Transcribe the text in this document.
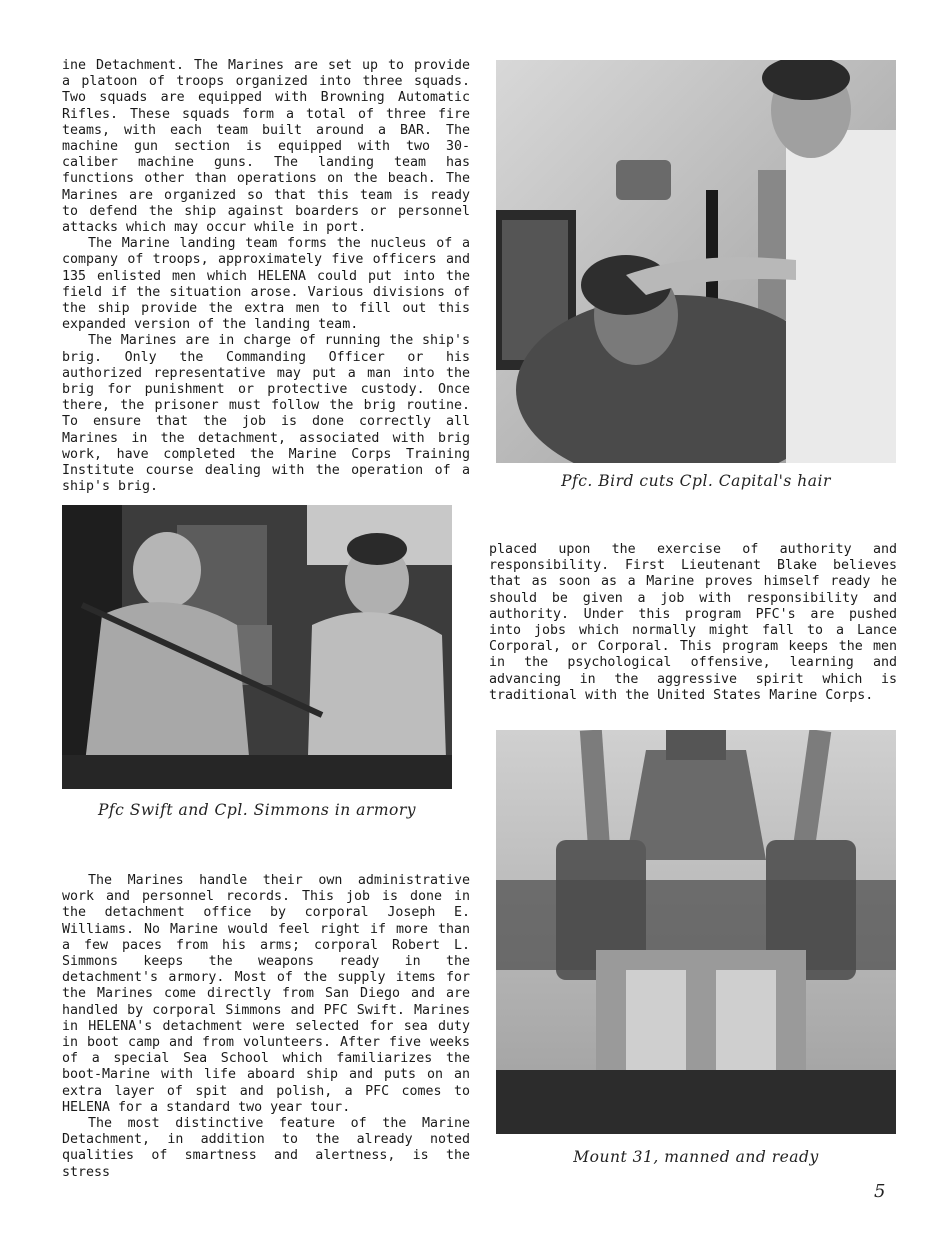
ine Detachment. The Marines are set up to provide a platoon of troops organized into three squads. Two squads are equipped with Browning Automatic Rifles. These squads form a total of three fire teams, with each team built around a BAR. The machine gun section is equipped with two 30-caliber machine guns. The landing team has functions other than operations on the beach. The Marines are organized so that this team is ready to defend the ship against boarders or personnel attacks which may occur while in port.

The Marine landing team forms the nucleus of a company of troops, approximately five officers and 135 enlisted men which HELENA could put into the field if the situation arose. Various divisions of the ship provide the extra men to fill out this expanded version of the landing team.

The Marines are in charge of running the ship's brig. Only the Commanding Officer or his authorized representative may put a man into the brig for punishment or protective custody. Once there, the prisoner must follow the brig routine. To ensure that the job is done correctly all Marines in the detachment, associated with brig work, have completed the Marine Corps Training Institute course dealing with the operation of a ship's brig.	Pfc. Bird cuts Cpl. Capital's hair

Pfc Swift and Cpl. Simmons in armory

placed upon the exercise of authority and responsibility. First Lieutenant Blake believes that as soon as a Marine proves himself ready he should be given a job with responsibility and authority. Under this program PFC's are pushed into jobs which normally might fall to a Lance Corporal, or Corporal. This program keeps the men in the psychological offensive, learning and advancing in the aggressive spirit which is traditional with the United States Marine Corps.

The Marines handle their own administrative work and personnel records. This job is done in the detachment office by corporal Joseph E. Williams. No Marine would feel right if more than a few paces from his arms; corporal Robert L. Simmons keeps the weapons ready in the detachment's armory. Most of the supply items for the Marines come directly from San Diego and are handled by corporal Simmons and PFC Swift. Marines in HELENA's detachment were selected for sea duty in boot camp and from volunteers. After five weeks of a special Sea School which familiarizes the boot-Marine with life aboard ship and puts on an extra layer of spit and polish, a PFC comes to HELENA for a standard two year tour.

The most distinctive feature of the Marine Detachment, in addition to the already noted qualities of smartness and alertness, is the stress

Mount 31, manned and ready

5
